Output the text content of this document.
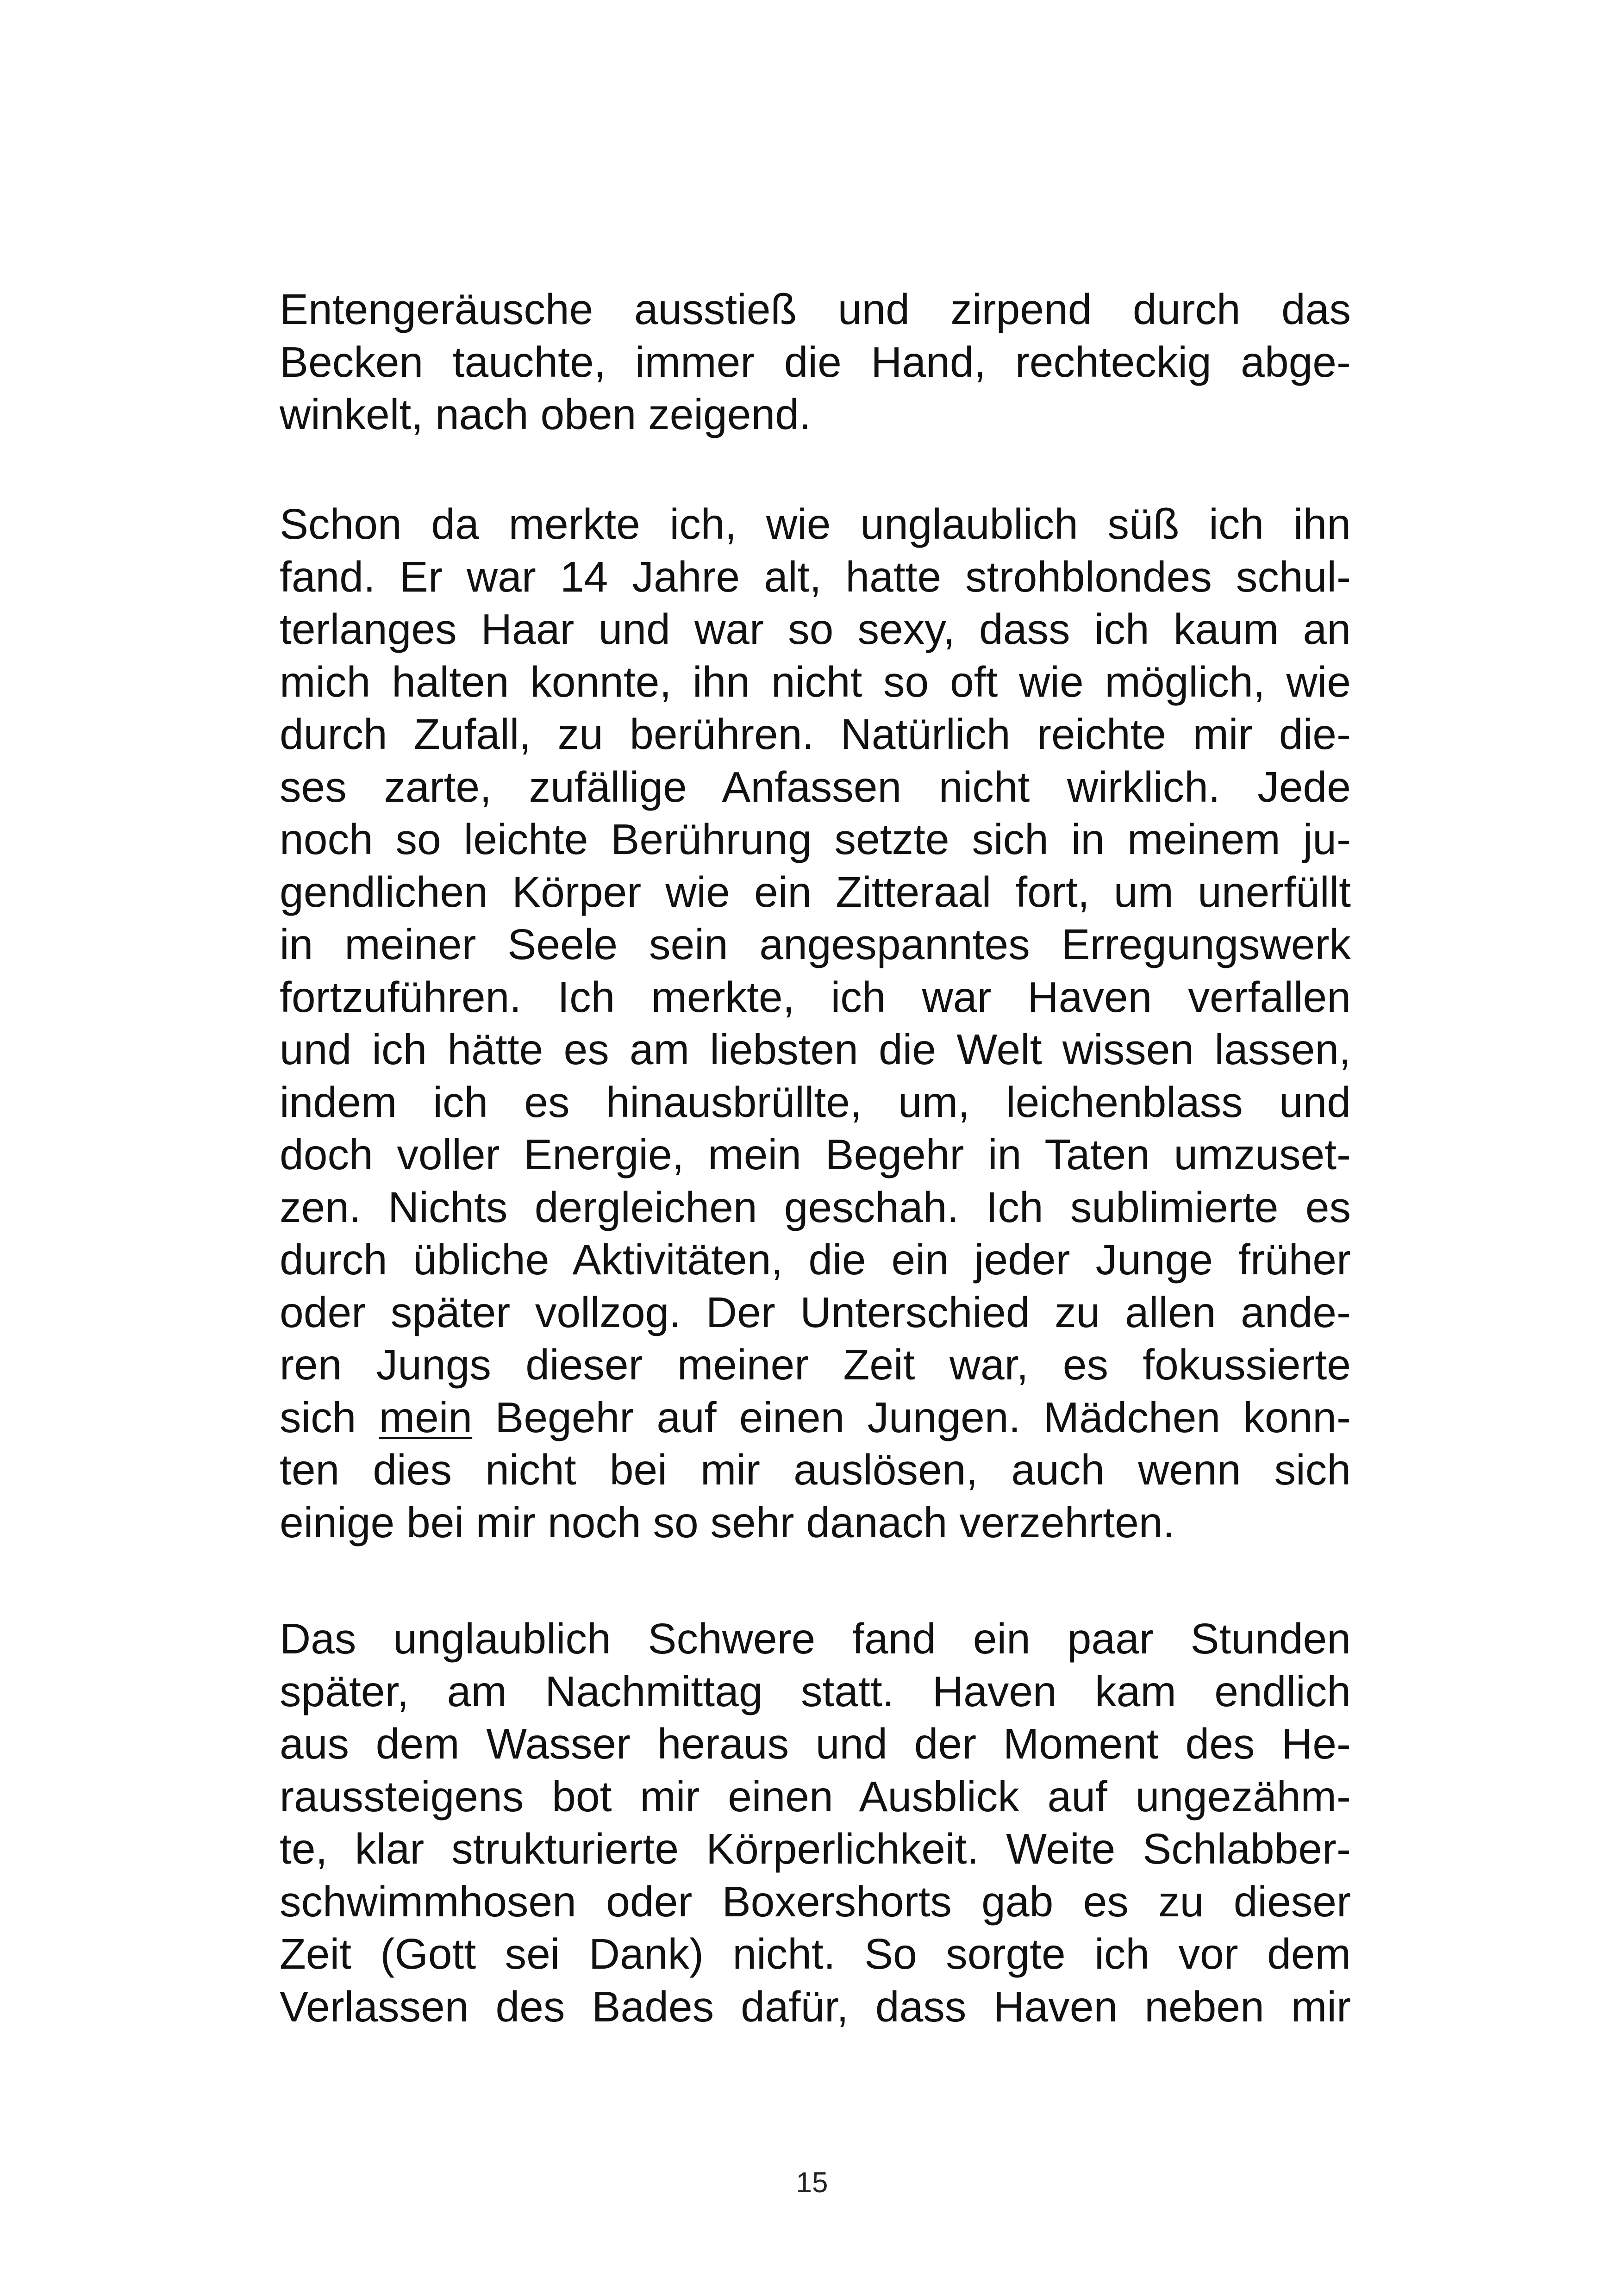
Entengeräusche ausstieß und zirpend durch das
Becken tauchte, immer die Hand, rechteckig abge-
winkelt, nach oben zeigend.
Schon da merkte ich, wie unglaublich süß ich ihn
fand. Er war 14 Jahre alt, hatte strohblondes schul-
terlanges Haar und war so sexy, dass ich kaum an
mich halten konnte, ihn nicht so oft wie möglich, wie
durch Zufall, zu berühren. Natürlich reichte mir die-
ses zarte, zufällige Anfassen nicht wirklich. Jede
noch so leichte Berührung setzte sich in meinem ju-
gendlichen Körper wie ein Zitteraal fort, um unerfüllt
in meiner Seele sein angespanntes Erregungswerk
fortzuführen. Ich merkte, ich war Haven verfallen
und ich hätte es am liebsten die Welt wissen lassen,
indem ich es hinausbrüllte, um, leichenblass und
doch voller Energie, mein Begehr in Taten umzuset-
zen. Nichts dergleichen geschah. Ich sublimierte es
durch übliche Aktivitäten, die ein jeder Junge früher
oder später vollzog. Der Unterschied zu allen ande-
ren Jungs dieser meiner Zeit war, es fokussierte
sich mein Begehr auf einen Jungen. Mädchen konn-
ten dies nicht bei mir auslösen, auch wenn sich
einige bei mir noch so sehr danach verzehrten.
Das unglaublich Schwere fand ein paar Stunden
später, am Nachmittag statt. Haven kam endlich
aus dem Wasser heraus und der Moment des He-
raussteigens bot mir einen Ausblick auf ungezähm-
te, klar strukturierte Körperlichkeit. Weite Schlabber-
schwimmhosen oder Boxershorts gab es zu dieser
Zeit (Gott sei Dank) nicht. So sorgte ich vor dem
Verlassen des Bades dafür, dass Haven neben mir
15
